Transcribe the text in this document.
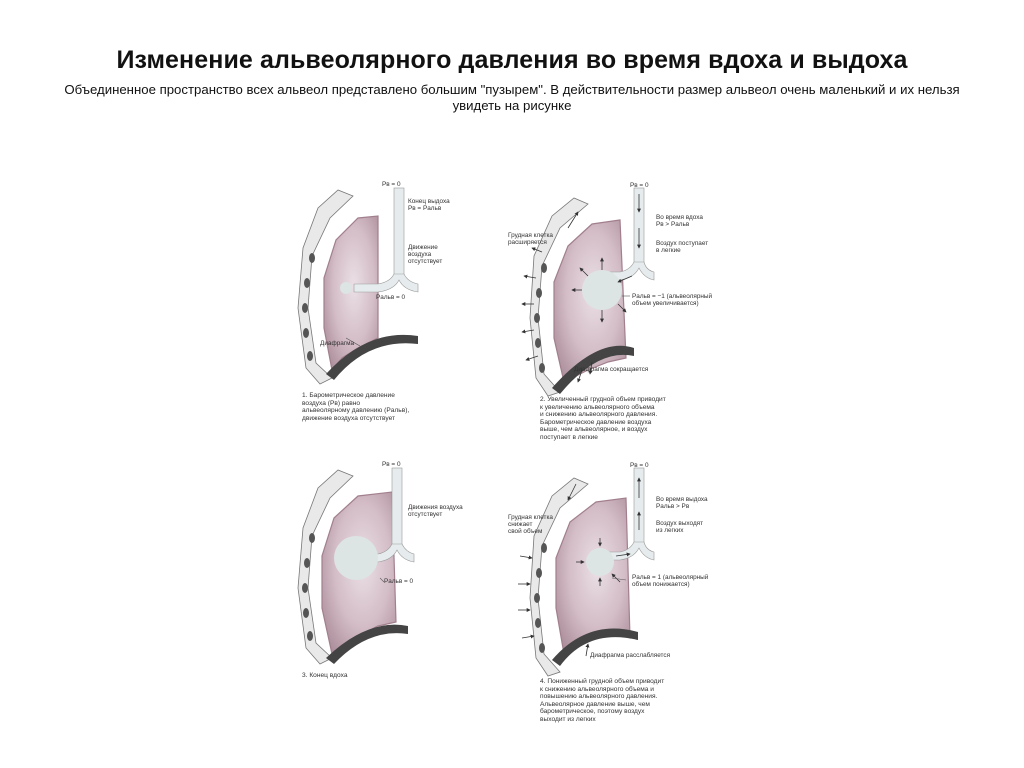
Изменение альвеолярного давления во время вдоха и выдоха
Объединенное пространство всех альвеол представлено большим "пузырем". В действительности размер альвеол очень маленький и их нельзя увидеть на рисунке
Pв = 0
Конец выдоха
Pв = Pальв
Движение
воздуха
отсутствует
Pальв = 0
Диафрагма
1. Барометрическое давление
воздуха (Pв) равно
альвеолярному давлению (Pальв),
движение воздуха отсутствует
Pв = 0
Грудная клетка
расширяется
Во время вдоха
Pв > Pальв
Воздух поступает
в легкие
Pальв = −1 (альвеолярный
объем увеличивается)
Диафрагма сокращается
2. Увеличенный грудной объем приводит
к увеличению альвеолярного объема
и снижению альвеолярного давления.
Барометрическое давление воздуха
выше, чем альвеолярное, и воздух
поступает в легкие
Pв = 0
Движения воздуха
отсутствует
Pальв = 0
3. Конец вдоха
Pв = 0
Грудная клетка
снижает
свой объем
Во время выдоха
Pальв > Pв
Воздух выходят
из легких
Pальв = 1 (альвеолярный
объем понижается)
Диафрагма расслабляется
4. Пониженный грудной объем приводит
к снижению альвеолярного объема и
повышению альвеолярного давления.
Альвеолярное давление выше, чем
барометрическое, поэтому воздух
выходит из легких
